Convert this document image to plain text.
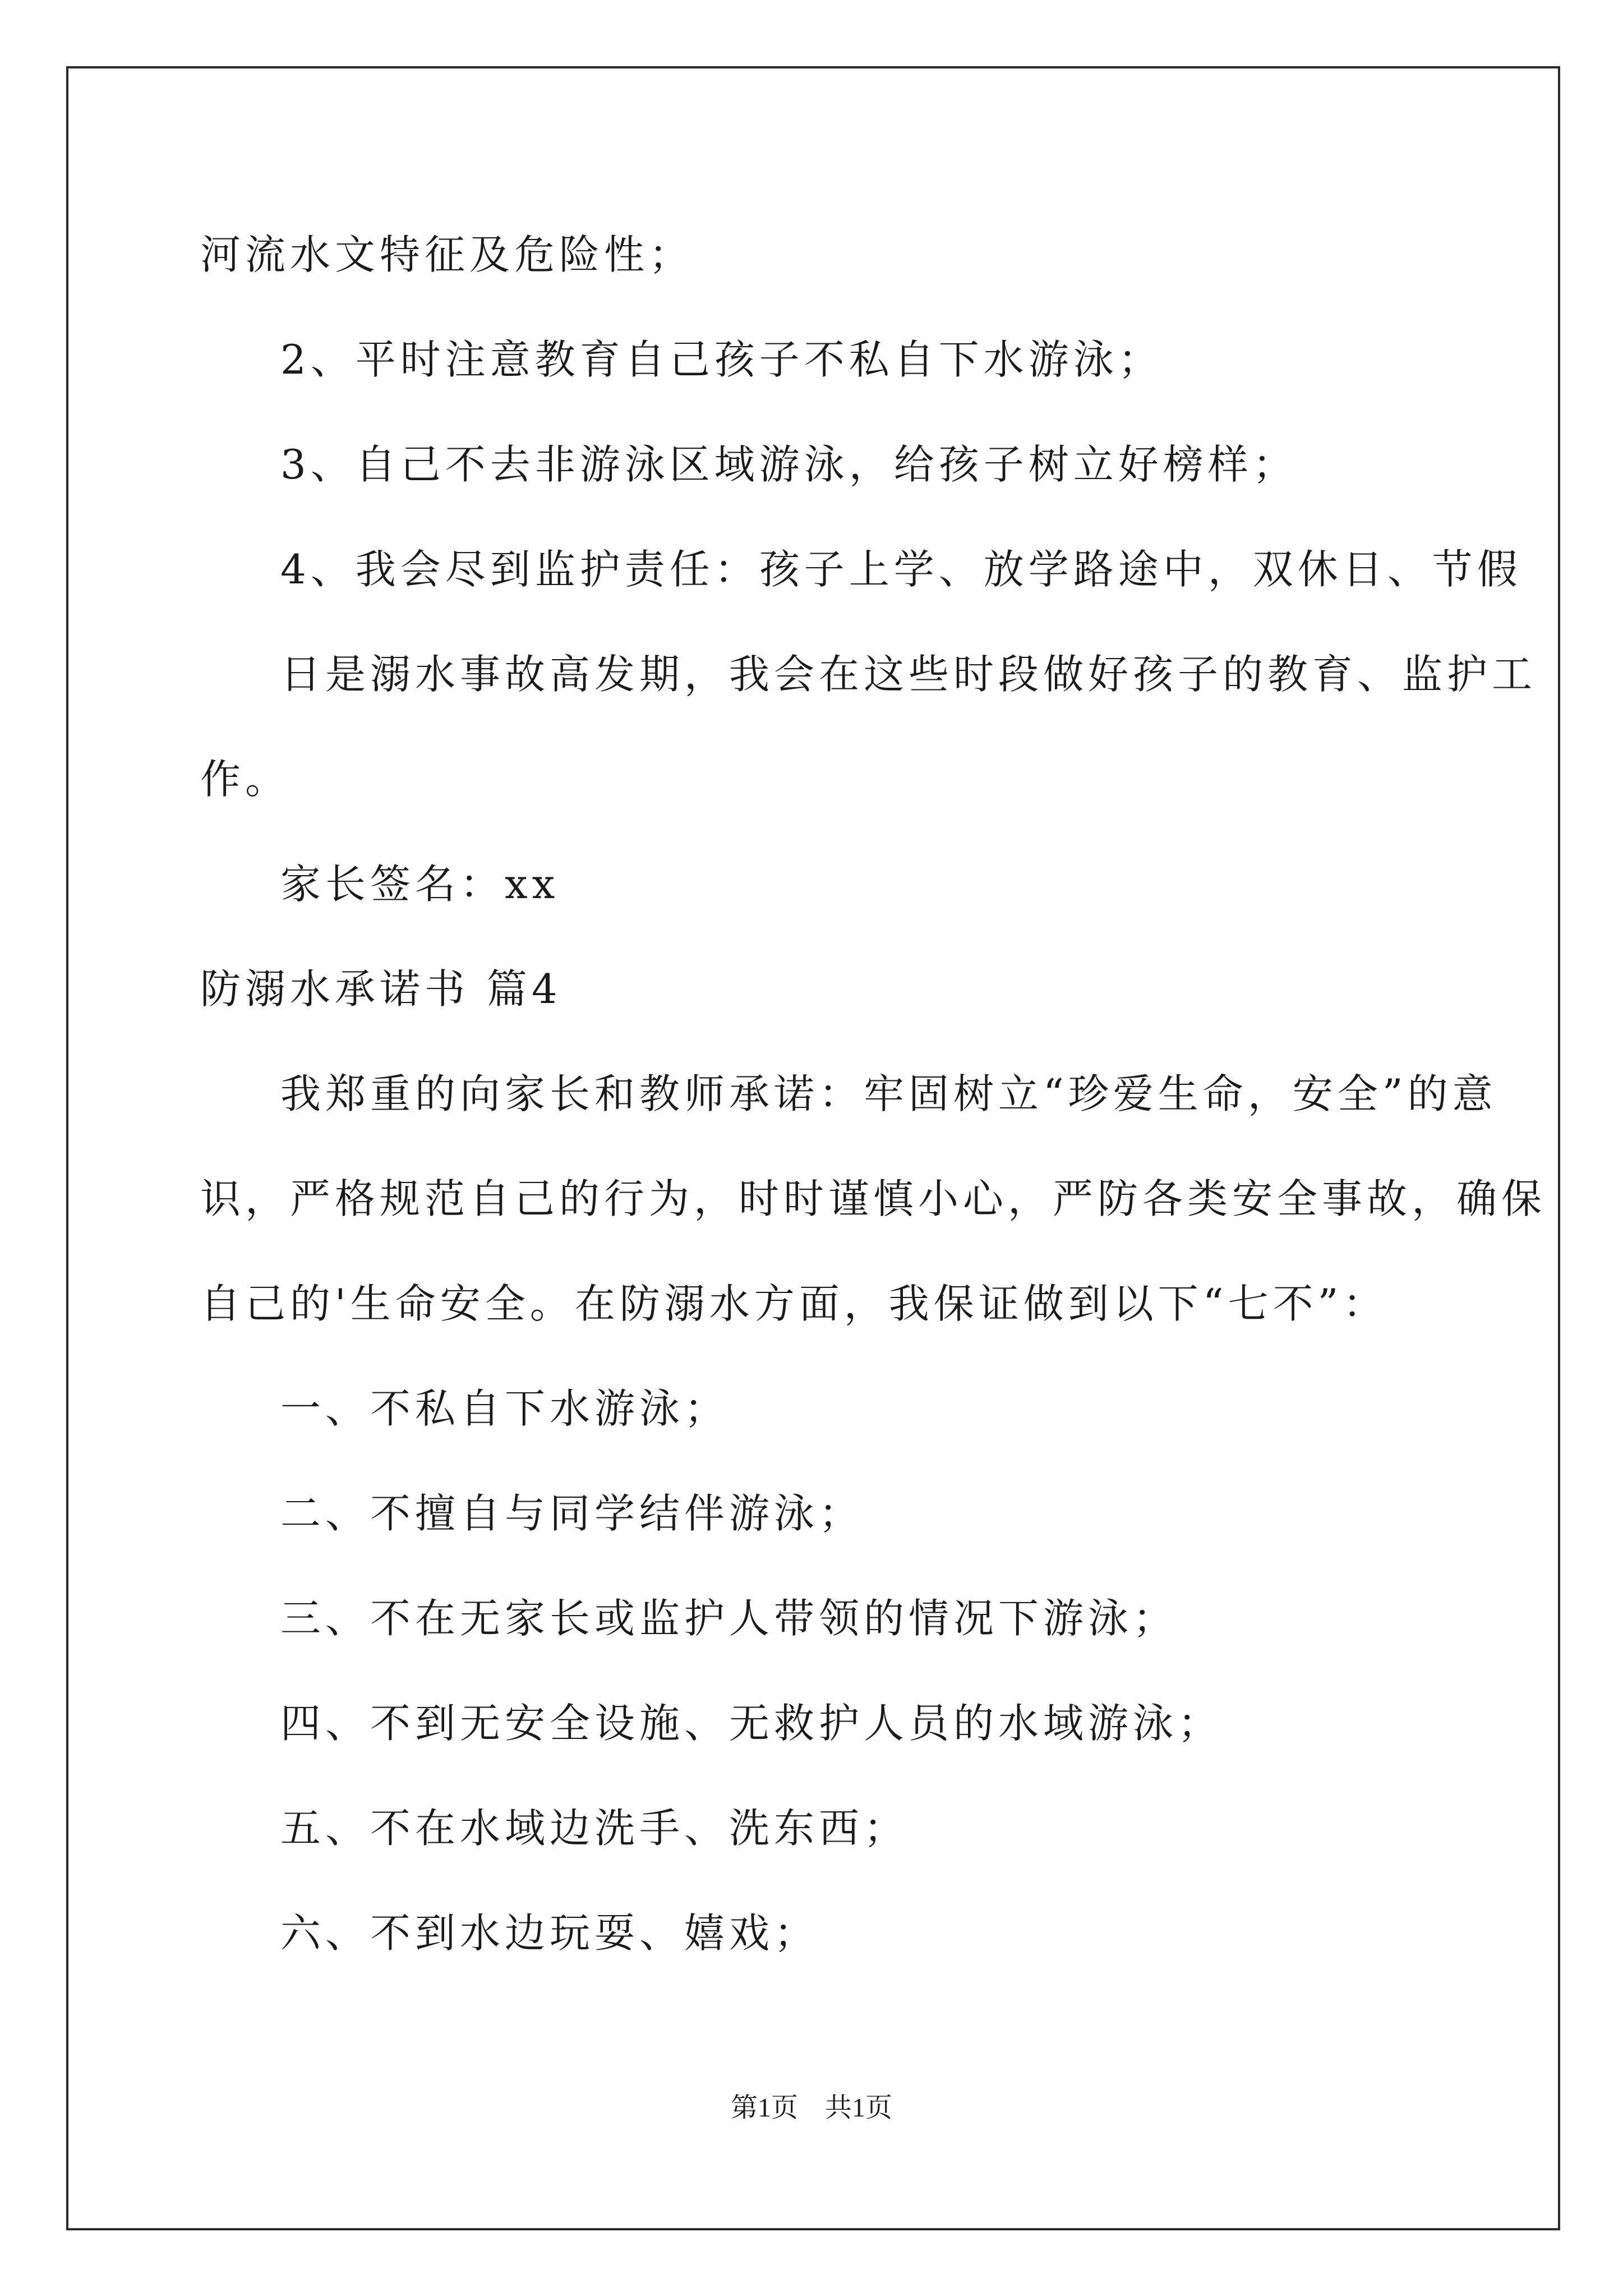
河流水文特征及危险性；
2、平时注意教育自己孩子不私自下水游泳；
3、自己不去非游泳区域游泳，给孩子树立好榜样；
4、我会尽到监护责任：孩子上学、放学路途中，双休日、节假
日是溺水事故高发期，我会在这些时段做好孩子的教育、监护工
作。
家长签名：xx
防溺水承诺书 篇4
我郑重的向家长和教师承诺：牢固树立“珍爱生命，安全”的意
识，严格规范自己的行为，时时谨慎小心，严防各类安全事故，确保
自己的'生命安全。在防溺水方面，我保证做到以下“七不”：
一、不私自下水游泳；
二、不擅自与同学结伴游泳；
三、不在无家长或监护人带领的情况下游泳；
四、不到无安全设施、无救护人员的水域游泳；
五、不在水域边洗手、洗东西；
六、不到水边玩耍、嬉戏；
第1页　共1页
